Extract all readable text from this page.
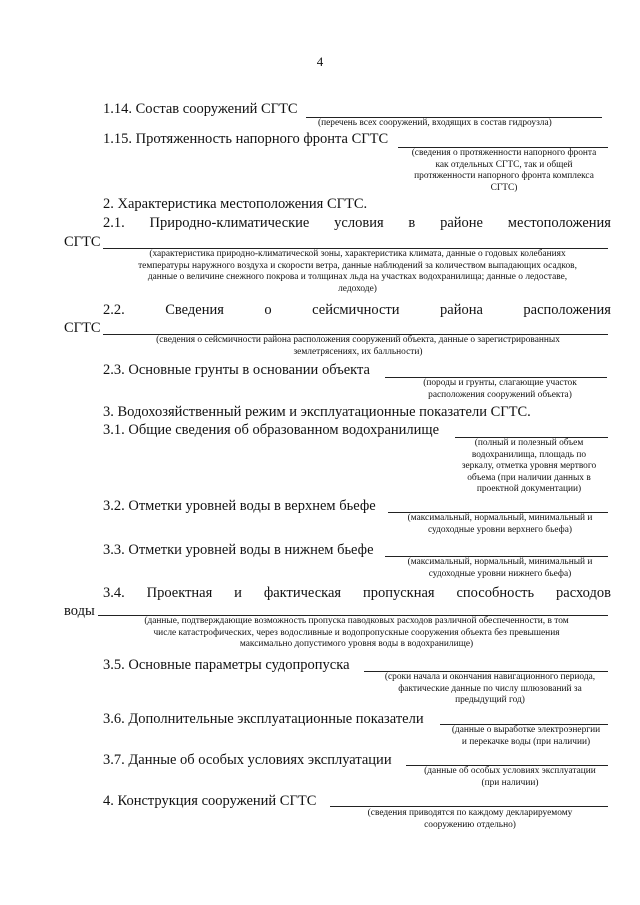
4
1.14. Состав сооружений СГТС
(перечень всех сооружений, входящих в состав гидроузла)
1.15. Протяженность напорного фронта СГТС
(сведения о протяженности напорного фронта
как отдельных СГТС, так и общей
протяженности напорного фронта комплекса
СГТС)
2. Характеристика местоположения СГТС.
2.1. Природно-климатические условия в районе местоположения
СГТС
(характеристика природно-климатической зоны, характеристика климата, данные о годовых колебаниях
температуры наружного воздуха и скорости ветра, данные наблюдений за количеством выпадающих осадков,
данные о величине снежного покрова и толщинах льда на участках водохранилища; данные о ледоставе,
ледоходе)
2.2.	Сведения	о	сейсмичности	района	расположения
СГТС
(сведения о сейсмичности района расположения сооружений объекта, данные о зарегистрированных
землетрясениях, их балльности)
2.3. Основные грунты в основании объекта
(породы и грунты, слагающие участок
расположения сооружений объекта)
3. Водохозяйственный режим и эксплуатационные показатели СГТС.
3.1. Общие сведения об образованном водохранилище
(полный и полезный объем
водохранилища, площадь по
зеркалу, отметка уровня мертвого
объема (при наличии данных в
проектной документации)
3.2. Отметки уровней воды в верхнем бьефе
(максимальный, нормальный, минимальный и
судоходные уровни верхнего бьефа)
3.3. Отметки уровней воды в нижнем бьефе
(максимальный, нормальный, минимальный и
судоходные уровни нижнего бьефа)
3.4. Проектная и фактическая пропускная способность расходов
воды
(данные, подтверждающие возможность пропуска паводковых расходов различной обеспеченности, в том
числе катастрофических, через водосливные и водопропускные сооружения объекта без превышения
максимально допустимого уровня воды в водохранилище)
3.5. Основные параметры судопропуска
(сроки начала и окончания навигационного периода,
фактические данные по числу шлюзований за
предыдущий год)
3.6. Дополнительные эксплуатационные показатели
(данные о выработке электроэнергии
и перекачке воды (при наличии)
3.7. Данные об особых условиях эксплуатации
(данные об особых условиях эксплуатации
(при наличии)
4. Конструкция сооружений СГТС
(сведения приводятся по каждому декларируемому
сооружению отдельно)
